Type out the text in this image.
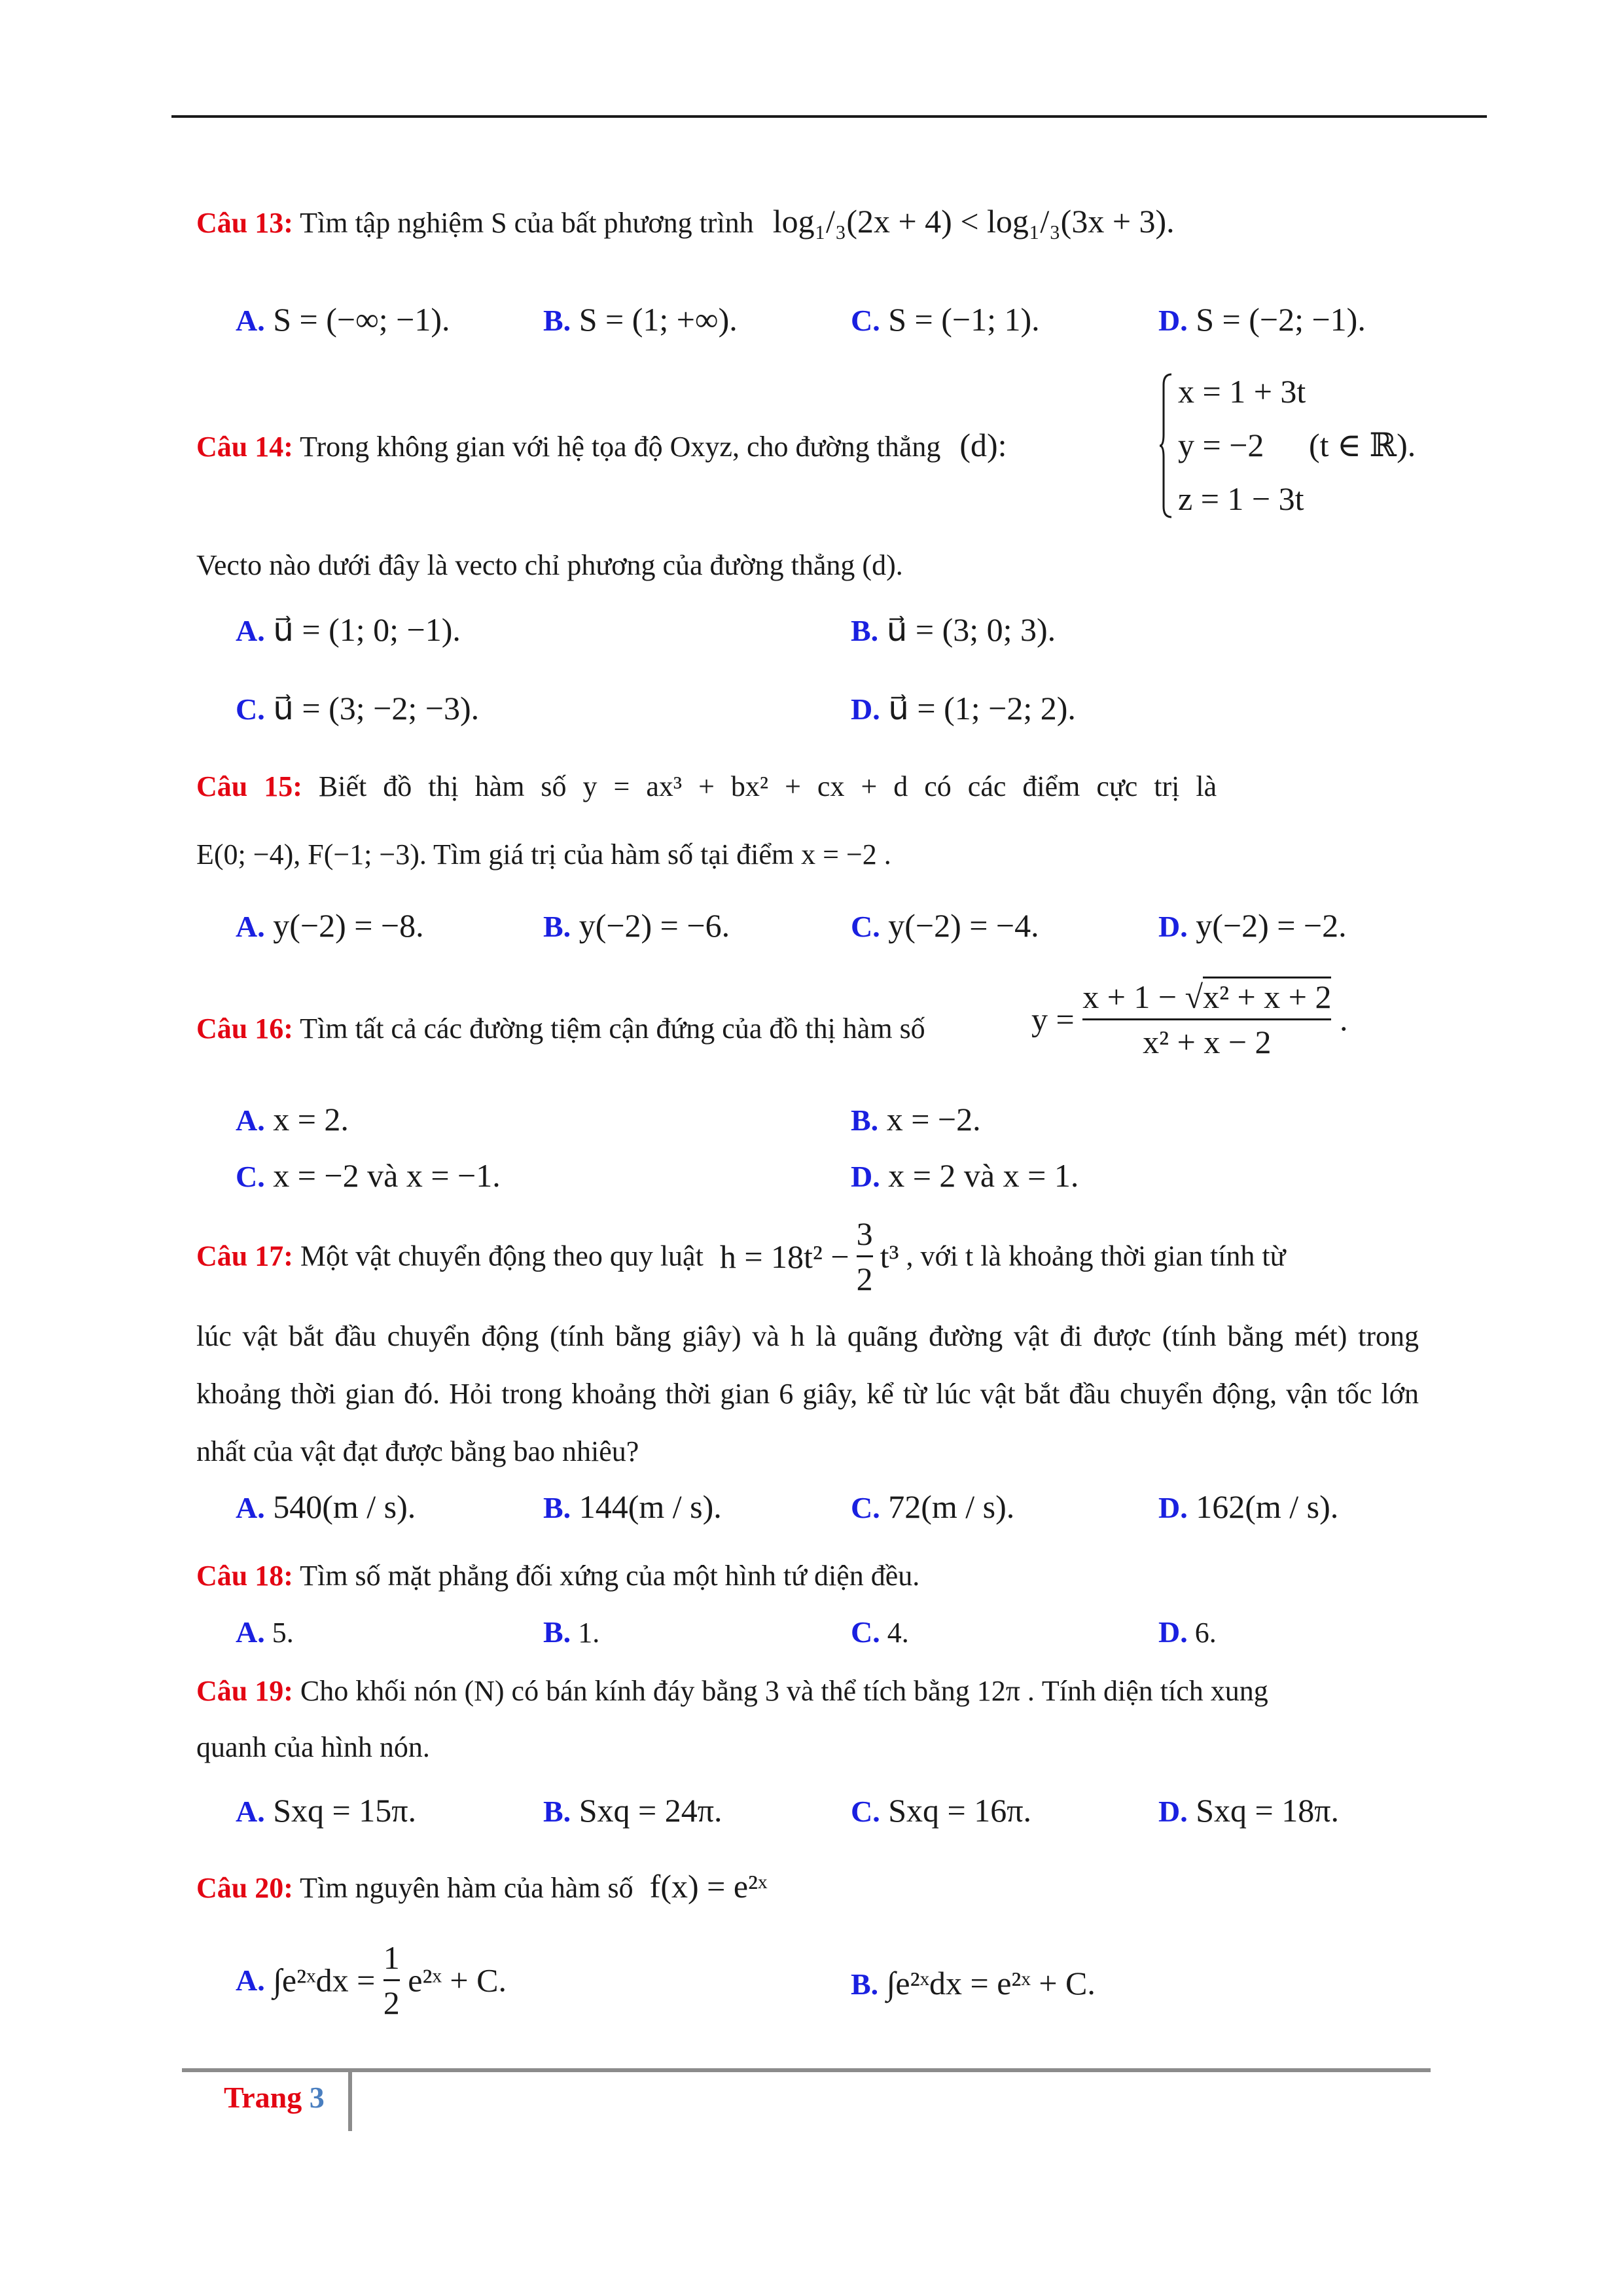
Câu 13: Tìm tập nghiệm S của bất phương trình log₁/₃(2x + 4) < log₁/₃(3x + 3).
A. S = (−∞; −1).	B. S = (1; +∞).	C. S = (−1; 1).	D. S = (−2; −1).
Câu 14: Trong không gian với hệ tọa độ Oxyz, cho đường thẳng (d):
x = 1 + 3t
y = −2 (t ∈ ℝ).
z = 1 − 3t
Vecto nào dưới đây là vecto chỉ phương của đường thẳng (d).
A. u⃗ = (1; 0; −1).	B. u⃗ = (3; 0; 3).
C. u⃗ = (3; −2; −3).	D. u⃗ = (1; −2; 2).
Câu 15: Biết đồ thị hàm số y = ax³ + bx² + cx + d có các điểm cực trị là
E(0; −4), F(−1; −3). Tìm giá trị của hàm số tại điểm x = −2 .
A. y(−2) = −8.	B. y(−2) = −6.	C. y(−2) = −4.	D. y(−2) = −2.
Câu 16: Tìm tất cả các đường tiệm cận đứng của đồ thị hàm số	$y = \frac{\text{x + 1 − √x² + x + 2}}{\text{x² + x − 2}}$ .
A. x = 2.	B. x = −2.
C. x = −2 và x = −1.	D. x = 2 và x = 1.
Câu 17: Một vật chuyển động theo quy luật $h = 18t^2 - \frac{3}{2} t^3$ , với t là khoảng thời gian tính từ
lúc vật bắt đầu chuyển động (tính bằng giây) và h là quãng đường vật đi được (tính bằng mét) trong khoảng thời gian đó. Hỏi trong khoảng thời gian 6 giây, kể từ lúc vật bắt đầu chuyển động, vận tốc lớn nhất của vật đạt được bằng bao nhiêu?
A. 540(m / s).	B. 144(m / s).	C. 72(m / s).	D. 162(m / s).
Câu 18: Tìm số mặt phẳng đối xứng của một hình tứ diện đều.
A. 5.	B. 1.	C. 4.	D. 6.
Câu 19: Cho khối nón (N) có bán kính đáy bằng 3 và thể tích bằng 12π . Tính diện tích xung
quanh của hình nón.
A. Sxq = 15π.	B. Sxq = 24π.	C. Sxq = 16π.	D. Sxq = 18π.
Câu 20: Tìm nguyên hàm của hàm số f(x) = e²ˣ
A. ∫e²ˣdx = $\frac{1}{2}$ e²ˣ + C.	B. ∫e²ˣdx = e²ˣ + C.
Trang 3
